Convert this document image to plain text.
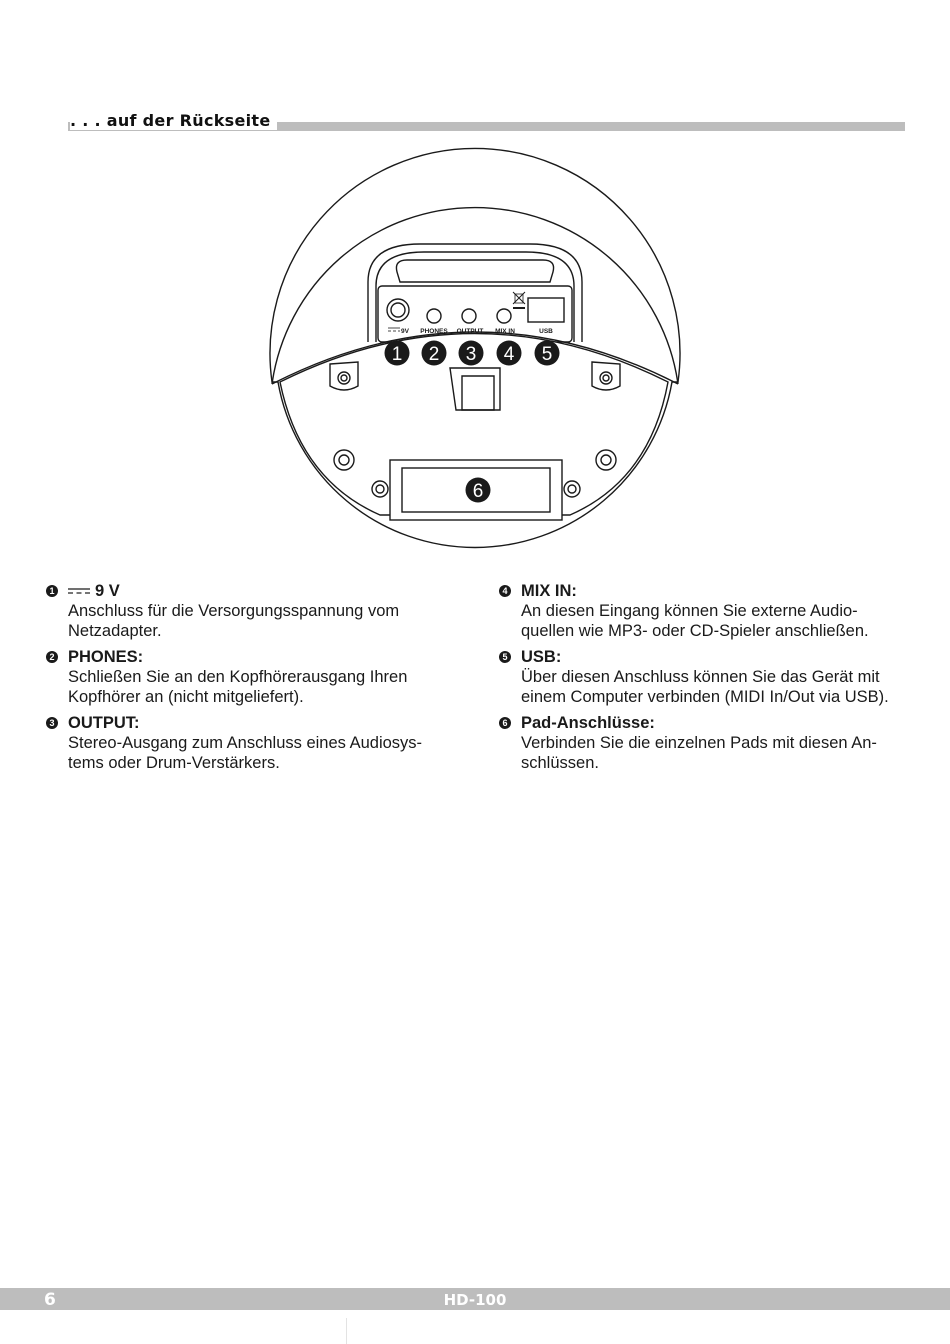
. . . auf der Rückseite
9V PHONES OUTPUT MIX IN	USB
1 2 3 4 5
6
1 9 V
Anschluss für die Versorgungsspannung vom Netzadapter.
2 PHONES:
Schließen Sie an den Kopfhörerausgang Ihren Kopfhörer an (nicht mitgeliefert).
3 OUTPUT:
Stereo-Ausgang zum Anschluss eines Audiosys-tems oder Drum-Verstärkers.
4 MIX IN:
An diesen Eingang können Sie externe Audio-quellen wie MP3- oder CD-Spieler anschließen.
5 USB:
Über diesen Anschluss können Sie das Gerät mit einem Computer verbinden (MIDI In/Out via USB).
6 Pad-Anschlüsse:
Verbinden Sie die einzelnen Pads mit diesen An-schlüssen.
6	HD-100
